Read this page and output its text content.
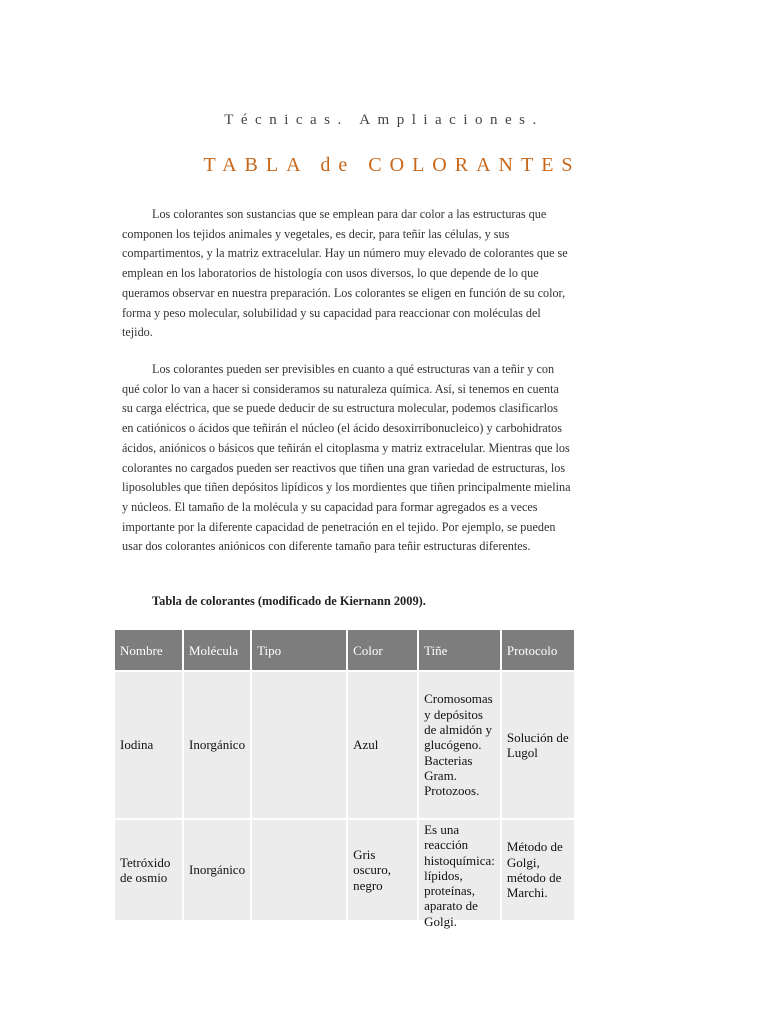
Técnicas. Ampliaciones.
TABLA de COLORANTES

Los colorantes son sustancias que se emplean para dar color a las estructuras que componen los tejidos animales y vegetales, es decir, para teñir las células, y sus compartimentos, y la matriz extracelular. Hay un número muy elevado de colorantes que se emplean en los laboratorios de histología con usos diversos, lo que depende de lo que queramos observar en nuestra preparación. Los colorantes se eligen en función de su color, forma y peso molecular, solubilidad y su capacidad para reaccionar con moléculas del tejido.

Los colorantes pueden ser previsibles en cuanto a qué estructuras van a teñir y con qué color lo van a hacer si consideramos su naturaleza química. Así, si tenemos en cuenta su carga eléctrica, que se puede deducir de su estructura molecular, podemos clasificarlos en catiónicos o ácidos que teñirán el núcleo (el ácido desoxirribonucleico) y carbohidratos ácidos, aniónicos o básicos que teñirán el citoplasma y matriz extracelular. Mientras que los colorantes no cargados pueden ser reactivos que tiñen una gran variedad de estructuras, los liposolubles que tiñen depósitos lipídicos y los mordientes que tiñen principalmente mielina y núcleos. El tamaño de la molécula y su capacidad para formar agregados es a veces importante por la diferente capacidad de penetración en el tejido. Por ejemplo, se pueden usar dos colorantes aniónicos con diferente tamaño para teñir estructuras diferentes.

Tabla de colorantes (modificado de Kiernann 2009).
Nombre	Molécula	Tipo	Color	Tiñe	Protocolo
Iodina	Inorgánico		Azul	Cromosomas y depósitos de almidón y glucógeno. Bacterias Gram. Protozoos.	Solución de Lugol
Tetróxido de osmio	Inorgánico		Gris oscuro, negro	Es una reacción histoquímica: lípidos, proteínas, aparato de Golgi.	Método de Golgi, método de Marchi.
